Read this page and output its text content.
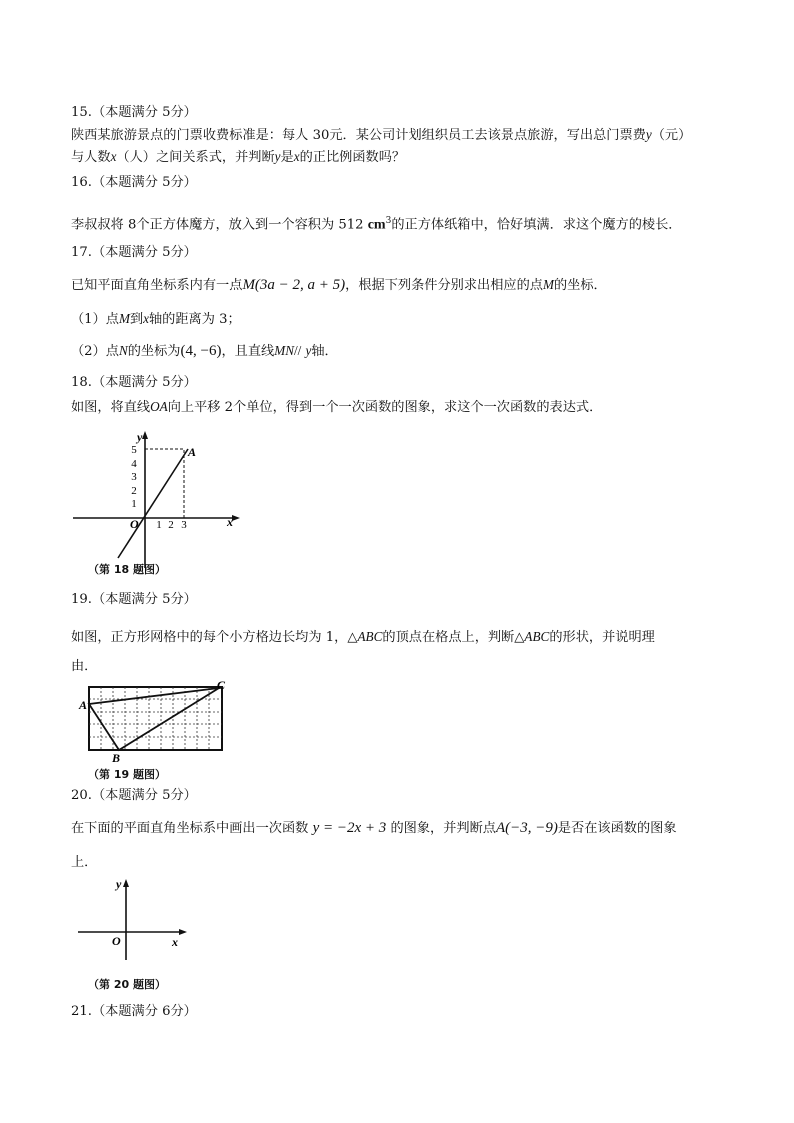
15.（本题满分 5分）
陕西某旅游景点的门票收费标准是：每人 30元．某公司计划组织员工去该景点旅游，写出总门票费y（元）
与人数x（人）之间关系式，并判断y是x的正比例函数吗？
16.（本题满分 5分）
李叔叔将 8个正方体魔方，放入到一个容积为 512 $cm^3$的正方体纸箱中，恰好填满．求这个魔方的棱长．
17.（本题满分 5分）
已知平面直角坐标系内有一点M(3a − 2, a + 5)，根据下列条件分别求出相应的点M的坐标．
（1）点M到x轴的距离为 3；
（2）点N的坐标为(4, −6)，且直线MN// y轴．
18.（本题满分 5分）
如图，将直线OA向上平移 2个单位，得到一个一次函数的图象，求这个一次函数的表达式．
1
2
3
4
5
1 2 3
y
x
O
A
（第 18 题图）
19.（本题满分 5分）
如图，正方形网格中的每个小方格边长均为 1，△ABC的顶点在格点上，判断△ABC的形状，并说明理
由．
A
B
C
（第 19 题图）
20.（本题满分 5分）
在下面的平面直角坐标系中画出一次函数 y = −2x + 3 的图象，并判断点A(−3, −9)是否在该函数的图象
上．
y
x
O
（第 20 题图）
21.（本题满分 6分）
